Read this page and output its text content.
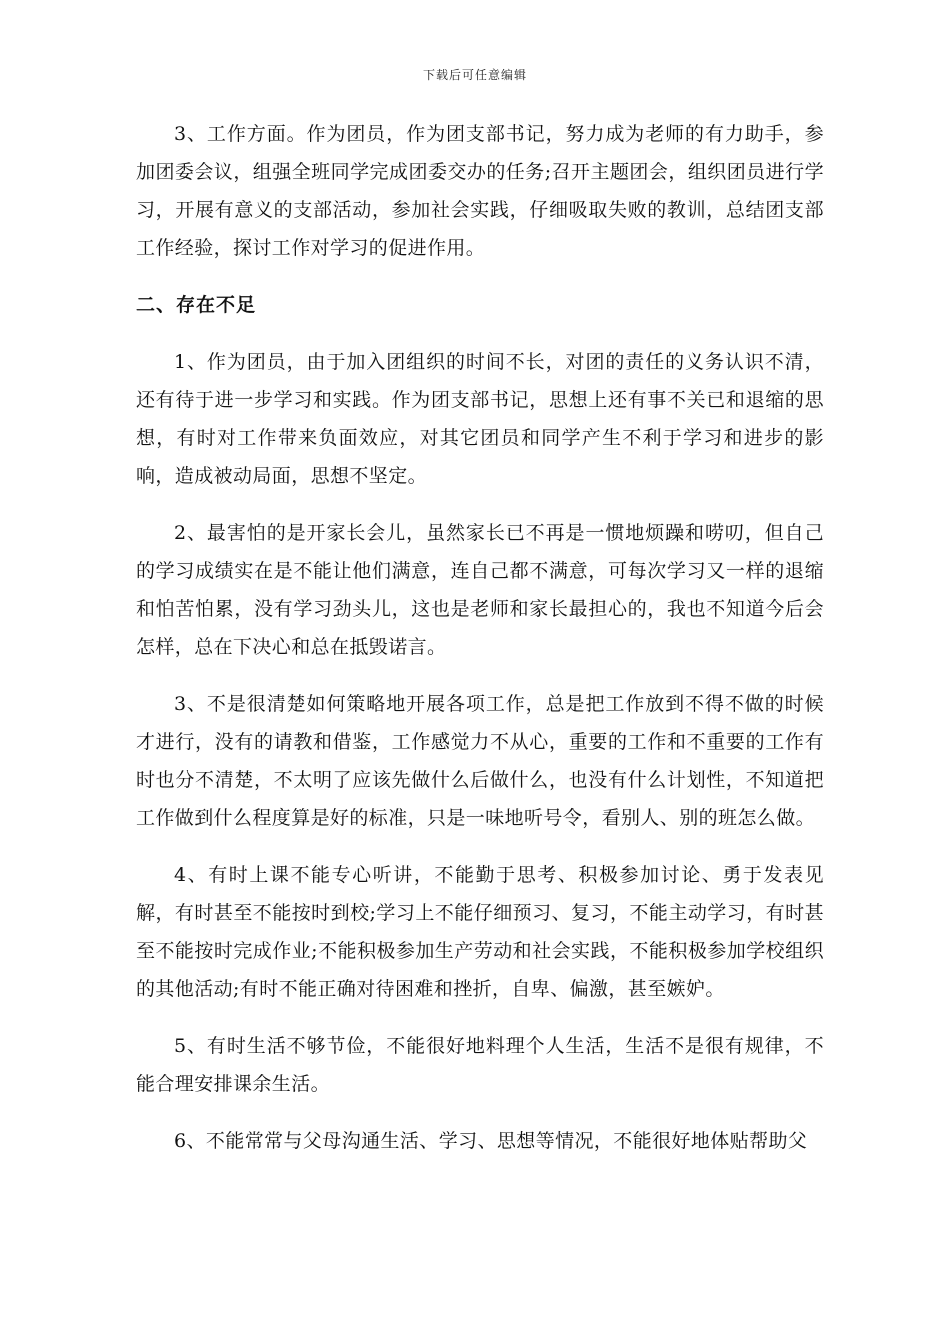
下载后可任意编辑

3、工作方面。作为团员，作为团支部书记，努力成为老师的有力助手，参加团委会议，组强全班同学完成团委交办的任务;召开主题团会，组织团员进行学习，开展有意义的支部活动，参加社会实践，仔细吸取失败的教训，总结团支部工作经验，探讨工作对学习的促进作用。

二、存在不足

1、作为团员，由于加入团组织的时间不长，对团的责任的义务认识不清，还有待于进一步学习和实践。作为团支部书记，思想上还有事不关已和退缩的思想，有时对工作带来负面效应，对其它团员和同学产生不利于学习和进步的影响，造成被动局面，思想不坚定。

2、最害怕的是开家长会儿，虽然家长已不再是一惯地烦躁和唠叨，但自己的学习成绩实在是不能让他们满意，连自己都不满意，可每次学习又一样的退缩和怕苦怕累，没有学习劲头儿，这也是老师和家长最担心的，我也不知道今后会怎样，总在下决心和总在抵毁诺言。

3、不是很清楚如何策略地开展各项工作，总是把工作放到不得不做的时候才进行，没有的请教和借鉴，工作感觉力不从心，重要的工作和不重要的工作有时也分不清楚，不太明了应该先做什么后做什么，也没有什么计划性，不知道把工作做到什么程度算是好的标准，只是一味地听号令，看别人、别的班怎么做。

4、有时上课不能专心听讲，不能勤于思考、积极参加讨论、勇于发表见解，有时甚至不能按时到校;学习上不能仔细预习、复习，不能主动学习，有时甚至不能按时完成作业;不能积极参加生产劳动和社会实践，不能积极参加学校组织的其他活动;有时不能正确对待困难和挫折，自卑、偏激，甚至嫉妒。

5、有时生活不够节俭，不能很好地料理个人生活，生活不是很有规律，不能合理安排课余生活。

6、不能常常与父母沟通生活、学习、思想等情况，不能很好地体贴帮助父
